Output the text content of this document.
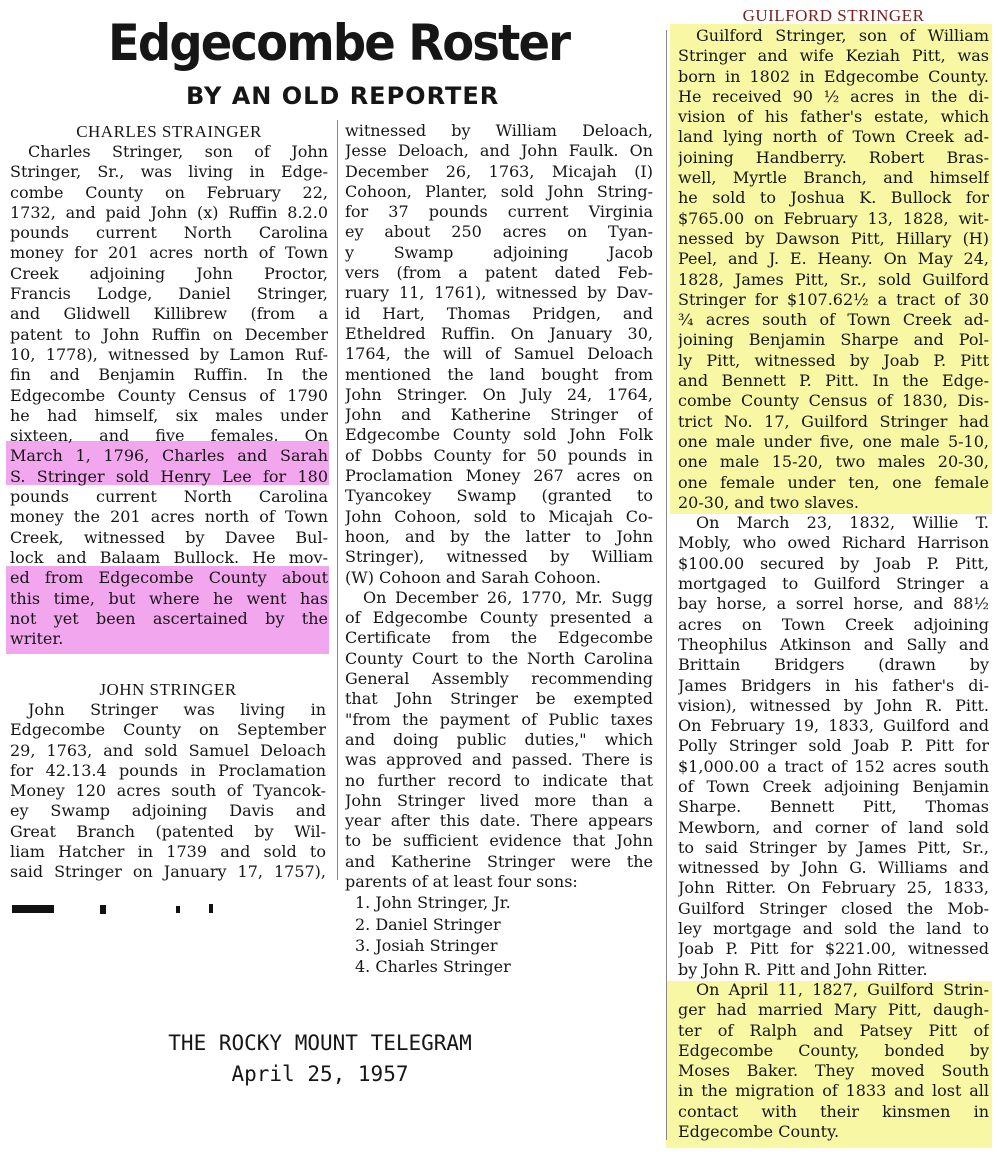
Edgecombe Roster
BY AN OLD REPORTER
CHARLES STRAINGER
Charles Stringer, son of John
Stringer, Sr., was living in Edge-
combe County on February 22,
1732, and paid John (x) Ruffin 8.2.0
pounds current North Carolina
money for 201 acres north of Town
Creek adjoining John Proctor,
Francis Lodge, Daniel Stringer,
and Glidwell Killibrew (from a
patent to John Ruffin on December
10, 1778), witnessed by Lamon Ruf-
fin and Benjamin Ruffin. In the
Edgecombe County Census of 1790
he had himself, six males under
sixteen, and five females. On
March 1, 1796, Charles and Sarah
S. Stringer sold Henry Lee for 180
pounds current North Carolina
money the 201 acres north of Town
Creek, witnessed by Davee Bul-
lock and Balaam Bullock. He mov-
ed from Edgecombe County about
this time, but where he went has
not yet been ascertained by the
writer.
JOHN STRINGER
John Stringer was living in
Edgecombe County on September
29, 1763, and sold Samuel Deloach
for 42.13.4 pounds in Proclamation
Money 120 acres south of Tyancok-
ey Swamp adjoining Davis and
Great Branch (patented by Wil-
liam Hatcher in 1739 and sold to
said Stringer on January 17, 1757),
witnessed by William Deloach,
Jesse Deloach, and John Faulk. On
December 26, 1763, Micajah (I)
Cohoon, Planter, sold John String-
for 37 pounds current Virginia
ey about 250 acres on Tyan-
y Swamp adjoining Jacob
vers (from a patent dated Feb-
ruary 11, 1761), witnessed by Dav-
id Hart, Thomas Pridgen, and
Etheldred Ruffin. On January 30,
1764, the will of Samuel Deloach
mentioned the land bought from
John Stringer. On July 24, 1764,
John and Katherine Stringer of
Edgecombe County sold John Folk
of Dobbs County for 50 pounds in
Proclamation Money 267 acres on
Tyancokey Swamp (granted to
John Cohoon, sold to Micajah Co-
hoon, and by the latter to John
Stringer), witnessed by William
(W) Cohoon and Sarah Cohoon.
On December 26, 1770, Mr. Sugg
of Edgecombe County presented a
Certificate from the Edgecombe
County Court to the North Carolina
General Assembly recommending
that John Stringer be exempted
"from the payment of Public taxes
and doing public duties," which
was approved and passed. There is
no further record to indicate that
John Stringer lived more than a
year after this date. There appears
to be sufficient evidence that John
and Katherine Stringer were the
parents of at least four sons:
1. John Stringer, Jr.
2. Daniel Stringer
3. Josiah Stringer
4. Charles Stringer
GUILFORD STRINGER
Guilford Stringer, son of William
Stringer and wife Keziah Pitt, was
born in 1802 in Edgecombe County.
He received 90 ½ acres in the di-
vision of his father's estate, which
land lying north of Town Creek ad-
joining Handberry. Robert Bras-
well, Myrtle Branch, and himself
he sold to Joshua K. Bullock for
$765.00 on February 13, 1828, wit-
nessed by Dawson Pitt, Hillary (H)
Peel, and J. E. Heany. On May 24,
1828, James Pitt, Sr., sold Guilford
Stringer for $107.62½ a tract of 30
¾ acres south of Town Creek ad-
joining Benjamin Sharpe and Pol-
ly Pitt, witnessed by Joab P. Pitt
and Bennett P. Pitt. In the Edge-
combe County Census of 1830, Dis-
trict No. 17, Guilford Stringer had
one male under five, one male 5-10,
one male 15-20, two males 20-30,
one female under ten, one female
20-30, and two slaves.
On March 23, 1832, Willie T.
Mobly, who owed Richard Harrison
$100.00 secured by Joab P. Pitt,
mortgaged to Guilford Stringer a
bay horse, a sorrel horse, and 88½
acres on Town Creek adjoining
Theophilus Atkinson and Sally and
Brittain Bridgers (drawn by
James Bridgers in his father's di-
vision), witnessed by John R. Pitt.
On February 19, 1833, Guilford and
Polly Stringer sold Joab P. Pitt for
$1,000.00 a tract of 152 acres south
of Town Creek adjoining Benjamin
Sharpe. Bennett Pitt, Thomas
Mewborn, and corner of land sold
to said Stringer by James Pitt, Sr.,
witnessed by John G. Williams and
John Ritter. On February 25, 1833,
Guilford Stringer closed the Mob-
ley mortgage and sold the land to
Joab P. Pitt for $221.00, witnessed
by John R. Pitt and John Ritter.
On April 11, 1827, Guilford Strin-
ger had married Mary Pitt, daugh-
ter of Ralph and Patsey Pitt of
Edgecombe County, bonded by
Moses Baker. They moved South
in the migration of 1833 and lost all
contact with their kinsmen in
Edgecombe County.
THE ROCKY MOUNT TELEGRAM
April 25, 1957
